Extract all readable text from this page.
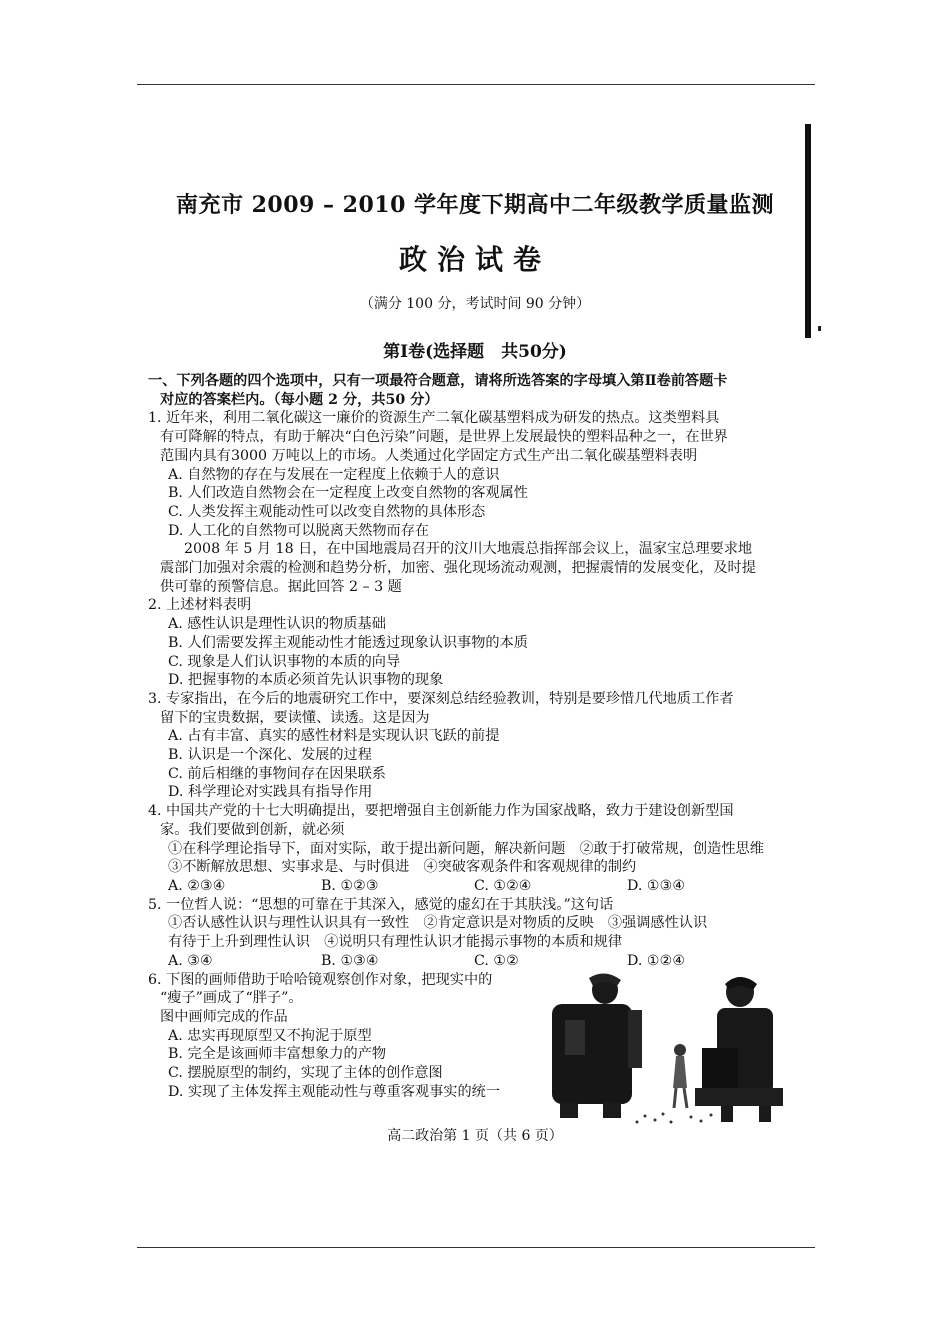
南充市 2009 – 2010 学年度下期高中二年级教学质量监测
政治试卷
（满分 100 分，考试时间 90 分钟）
第Ⅰ卷(选择题　共50分)

一、下列各题的四个选项中，只有一项最符合题意，请将所选答案的字母填入第Ⅱ卷前答题卡

对应的答案栏内。（每小题 2 分，共50 分）

1. 近年来，利用二氧化碳这一廉价的资源生产二氧化碳基塑料成为研发的热点。这类塑料具

有可降解的特点，有助于解决“白色污染”问题，是世界上发展最快的塑料品种之一，在世界

范围内具有3000 万吨以上的市场。人类通过化学固定方式生产出二氧化碳基塑料表明

A. 自然物的存在与发展在一定程度上依赖于人的意识

B. 人们改造自然物会在一定程度上改变自然物的客观属性

C. 人类发挥主观能动性可以改变自然物的具体形态

D. 人工化的自然物可以脱离天然物而存在

2008 年 5 月 18 日，在中国地震局召开的汶川大地震总指挥部会议上，温家宝总理要求地

震部门加强对余震的检测和趋势分析，加密、强化现场流动观测，把握震情的发展变化，及时提

供可靠的预警信息。据此回答 2 – 3 题

2. 上述材料表明

A. 感性认识是理性认识的物质基础

B. 人们需要发挥主观能动性才能透过现象认识事物的本质

C. 现象是人们认识事物的本质的向导

D. 把握事物的本质必须首先认识事物的现象

3. 专家指出，在今后的地震研究工作中，要深刻总结经验教训，特别是要珍惜几代地质工作者

留下的宝贵数据，要读懂、读透。这是因为

A. 占有丰富、真实的感性材料是实现认识飞跃的前提

B. 认识是一个深化、发展的过程

C. 前后相继的事物间存在因果联系

D. 科学理论对实践具有指导作用

4. 中国共产党的十七大明确提出，要把增强自主创新能力作为国家战略，致力于建设创新型国

家。我们要做到创新，就必须

①在科学理论指导下，面对实际，敢于提出新问题，解决新问题　②敢于打破常规，创造性思维

③不断解放思想、实事求是、与时俱进　④突破客观条件和客观规律的制约

A. ②③④	B. ①②③	C. ①②④	D. ①③④

5. 一位哲人说：“思想的可靠在于其深入，感觉的虚幻在于其肤浅。”这句话

①否认感性认识与理性认识具有一致性　②肯定意识是对物质的反映　③强调感性认识

有待于上升到理性认识　④说明只有理性认识才能揭示事物的本质和规律

A. ③④	B. ①③④	C. ①②	D. ①②④

6. 下图的画师借助于哈哈镜观察创作对象，把现实中的

“瘦子”画成了“胖子”。

图中画师完成的作品

A. 忠实再现原型又不拘泥于原型

B. 完全是该画师丰富想象力的产物

C. 摆脱原型的制约，实现了主体的创作意图

D. 实现了主体发挥主观能动性与尊重客观事实的统一

高二政治第 1 页（共 6 页）
